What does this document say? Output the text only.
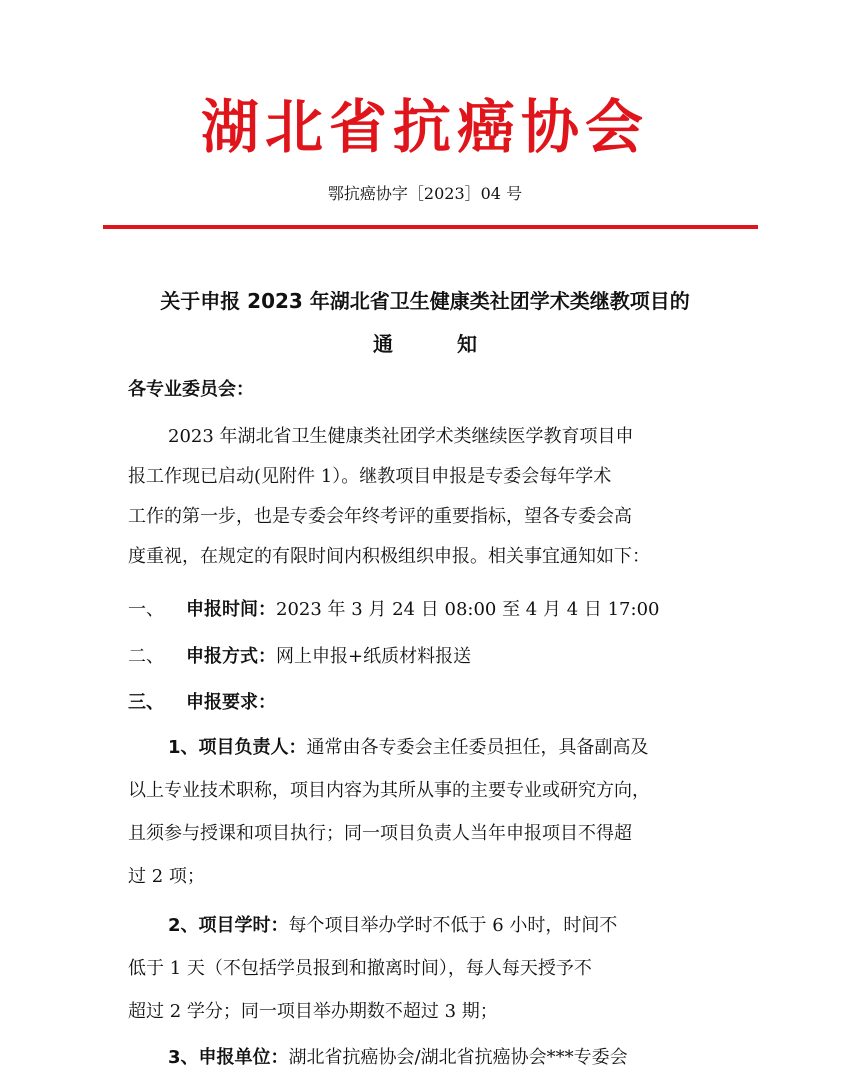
湖北省抗癌协会
鄂抗癌协字［2023］04 号
关于申报 2023 年湖北省卫生健康类社团学术类继教项目的
通	知
各专业委员会：
2023 年湖北省卫生健康类社团学术类继续医学教育项目申
报工作现已启动(见附件 1）。继教项目申报是专委会每年学术
工作的第一步，也是专委会年终考评的重要指标，望各专委会高
度重视，在规定的有限时间内积极组织申报。相关事宜通知如下：
一、 申报时间：2023 年 3 月 24 日 08:00 至 4 月 4 日 17:00
二、 申报方式：网上申报+纸质材料报送
三、 申报要求：
1、项目负责人：通常由各专委会主任委员担任，具备副高及
以上专业技术职称，项目内容为其所从事的主要专业或研究方向，
且须参与授课和项目执行；同一项目负责人当年申报项目不得超
过 2 项；
2、项目学时：每个项目举办学时不低于 6 小时，时间不
低于 1 天（不包括学员报到和撤离时间），每人每天授予不
超过 2 学分；同一项目举办期数不超过 3 期；
3、申报单位：湖北省抗癌协会/湖北省抗癌协会***专委会
